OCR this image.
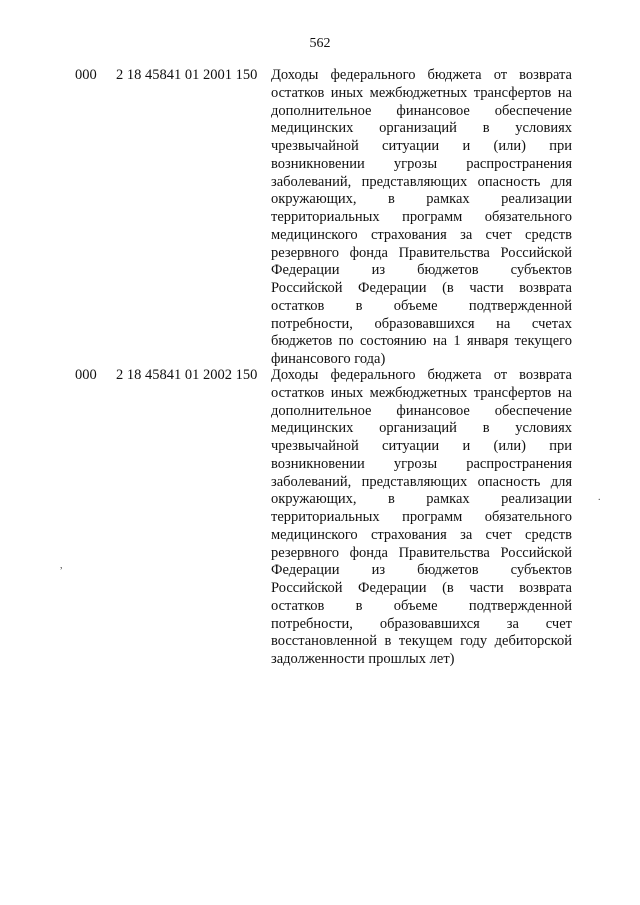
562
000 2 18 45841 01 2001 150 Доходы федерального бюджета от возврата
остатков иных межбюджетных трансфертов на
дополнительное финансовое обеспечение
медицинских организаций в условиях
чрезвычайной ситуации и (или) при
возникновении угрозы распространения
заболеваний, представляющих опасность для
окружающих, в рамках реализации
территориальных программ обязательного
медицинского страхования за счет средств
резервного фонда Правительства Российской
Федерации из бюджетов субъектов
Российской Федерации (в части возврата
остатков в объеме подтвержденной
потребности, образовавшихся на счетах
бюджетов по состоянию на 1 января текущего
финансового года)
000 2 18 45841 01 2002 150 Доходы федерального бюджета от возврата
остатков иных межбюджетных трансфертов на
дополнительное финансовое обеспечение
медицинских организаций в условиях
чрезвычайной ситуации и (или) при
возникновении угрозы распространения
заболеваний, представляющих опасность для
окружающих, в рамках реализации
территориальных программ обязательного
медицинского страхования за счет средств
резервного фонда Правительства Российской
Федерации из бюджетов субъектов
Российской Федерации (в части возврата
остатков в объеме подтвержденной
потребности, образовавшихся за счет
восстановленной в текущем году дебиторской
задолженности прошлых лет)
.
,
